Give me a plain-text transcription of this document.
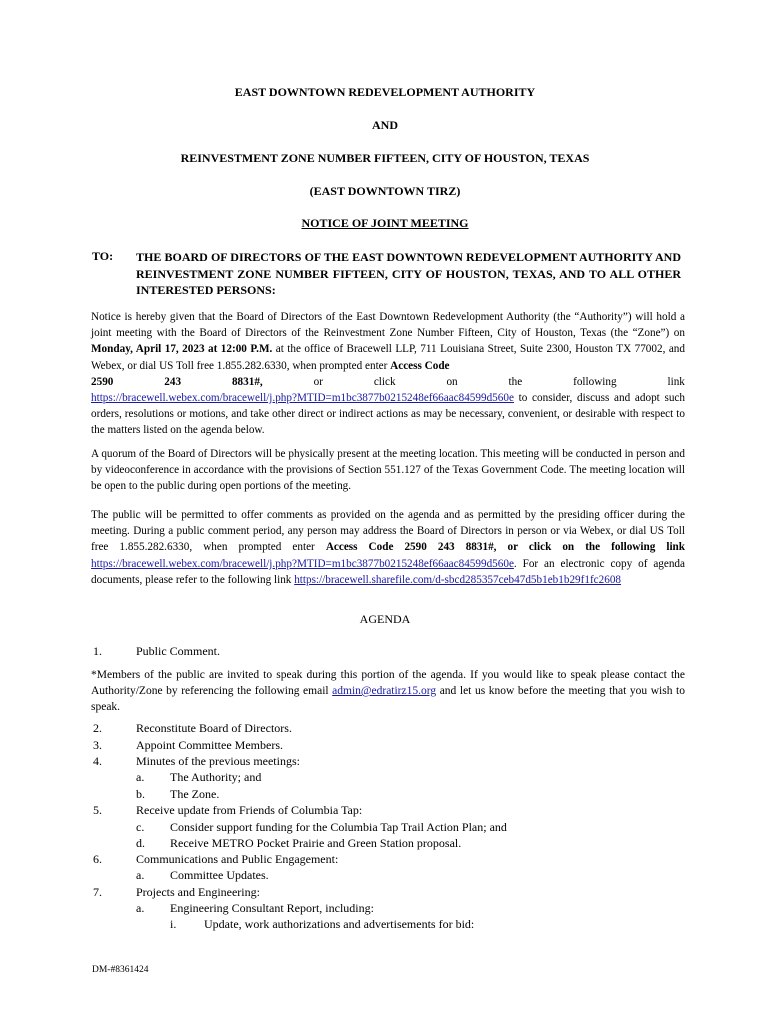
EAST DOWNTOWN REDEVELOPMENT AUTHORITY
AND
REINVESTMENT ZONE NUMBER FIFTEEN, CITY OF HOUSTON, TEXAS
(EAST DOWNTOWN TIRZ)
NOTICE OF JOINT MEETING
TO: THE BOARD OF DIRECTORS OF THE EAST DOWNTOWN REDEVELOPMENT AUTHORITY AND REINVESTMENT ZONE NUMBER FIFTEEN, CITY OF HOUSTON, TEXAS, AND TO ALL OTHER INTERESTED PERSONS:
Notice is hereby given that the Board of Directors of the East Downtown Redevelopment Authority (the “Authority”) will hold a joint meeting with the Board of Directors of the Reinvestment Zone Number Fifteen, City of Houston, Texas (the “Zone”) on Monday, April 17, 2023 at 12:00 P.M. at the office of Bracewell LLP, 711 Louisiana Street, Suite 2300, Houston TX 77002, and Webex, or dial US Toll free 1.855.282.6330, when prompted enter Access Code
2590	243	8831#,	or	click	on	the	following	link
https://bracewell.webex.com/bracewell/j.php?MTID=m1bc3877b0215248ef66aac84599d560e to consider, discuss and adopt such orders, resolutions or motions, and take other direct or indirect actions as may be necessary, convenient, or desirable with respect to the matters listed on the agenda below.
A quorum of the Board of Directors will be physically present at the meeting location. This meeting will be conducted in person and by videoconference in accordance with the provisions of Section 551.127 of the Texas Government Code. The meeting location will be open to the public during open portions of the meeting.
The public will be permitted to offer comments as provided on the agenda and as permitted by the presiding officer during the meeting. During a public comment period, any person may address the Board of Directors in person or via Webex, or dial US Toll free 1.855.282.6330, when prompted enter Access Code 2590 243 8831#, or click on the following link https://bracewell.webex.com/bracewell/j.php?MTID=m1bc3877b0215248ef66aac84599d560e. For an electronic copy of agenda documents, please refer to the following link https://bracewell.sharefile.com/d-sbcd285357ceb47d5b1eb1b29f1fc2608
AGENDA
1.	Public Comment.
*Members of the public are invited to speak during this portion of the agenda. If you would like to speak please contact the Authority/Zone by referencing the following email admin@edratirz15.org and let us know before the meeting that you wish to speak.
2.	Reconstitute Board of Directors.
3.	Appoint Committee Members.
4.	Minutes of the previous meetings:
a. The Authority; and
b. The Zone.
5.	Receive update from Friends of Columbia Tap:
c. Consider support funding for the Columbia Tap Trail Action Plan; and
d. Receive METRO Pocket Prairie and Green Station proposal.
6.	Communications and Public Engagement:
a. Committee Updates.
7.	Projects and Engineering:
a. Engineering Consultant Report, including:
i. Update, work authorizations and advertisements for bid:
DM-#8361424
